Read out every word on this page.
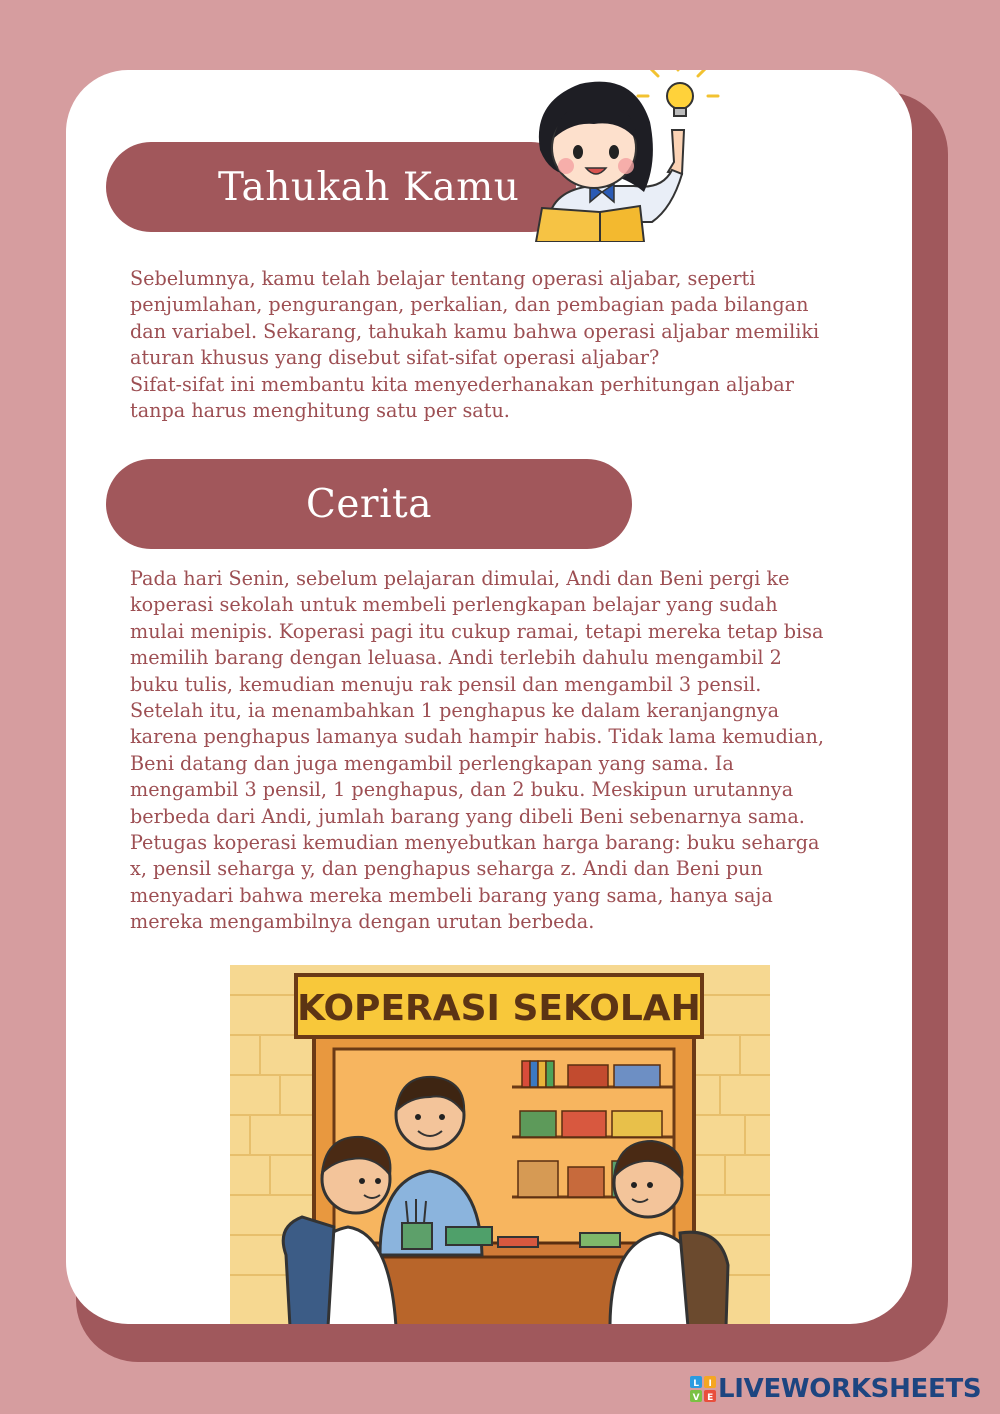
Tahukah Kamu

Sebelumnya, kamu telah belajar tentang operasi aljabar, seperti
penjumlahan, pengurangan, perkalian, dan pembagian pada bilangan
dan variabel. Sekarang, tahukah kamu bahwa operasi aljabar memiliki
aturan khusus yang disebut sifat-sifat operasi aljabar?
Sifat-sifat ini membantu kita menyederhanakan perhitungan aljabar
tanpa harus menghitung satu per satu.

Cerita

Pada hari Senin, sebelum pelajaran dimulai, Andi dan Beni pergi ke
koperasi sekolah untuk membeli perlengkapan belajar yang sudah
mulai menipis. Koperasi pagi itu cukup ramai, tetapi mereka tetap bisa
memilih barang dengan leluasa. Andi terlebih dahulu mengambil 2
buku tulis, kemudian menuju rak pensil dan mengambil 3 pensil.
Setelah itu, ia menambahkan 1 penghapus ke dalam keranjangnya
karena penghapus lamanya sudah hampir habis. Tidak lama kemudian,
Beni datang dan juga mengambil perlengkapan yang sama. Ia
mengambil 3 pensil, 1 penghapus, dan 2 buku. Meskipun urutannya
berbeda dari Andi, jumlah barang yang dibeli Beni sebenarnya sama.
Petugas koperasi kemudian menyebutkan harga barang: buku seharga
x, pensil seharga y, dan penghapus seharga z. Andi dan Beni pun
menyadari bahwa mereka membeli barang yang sama, hanya saja
mereka mengambilnya dengan urutan berbeda.

KOPERASI SEKOLAH
L I
V E LIVEWORKSHEETS
